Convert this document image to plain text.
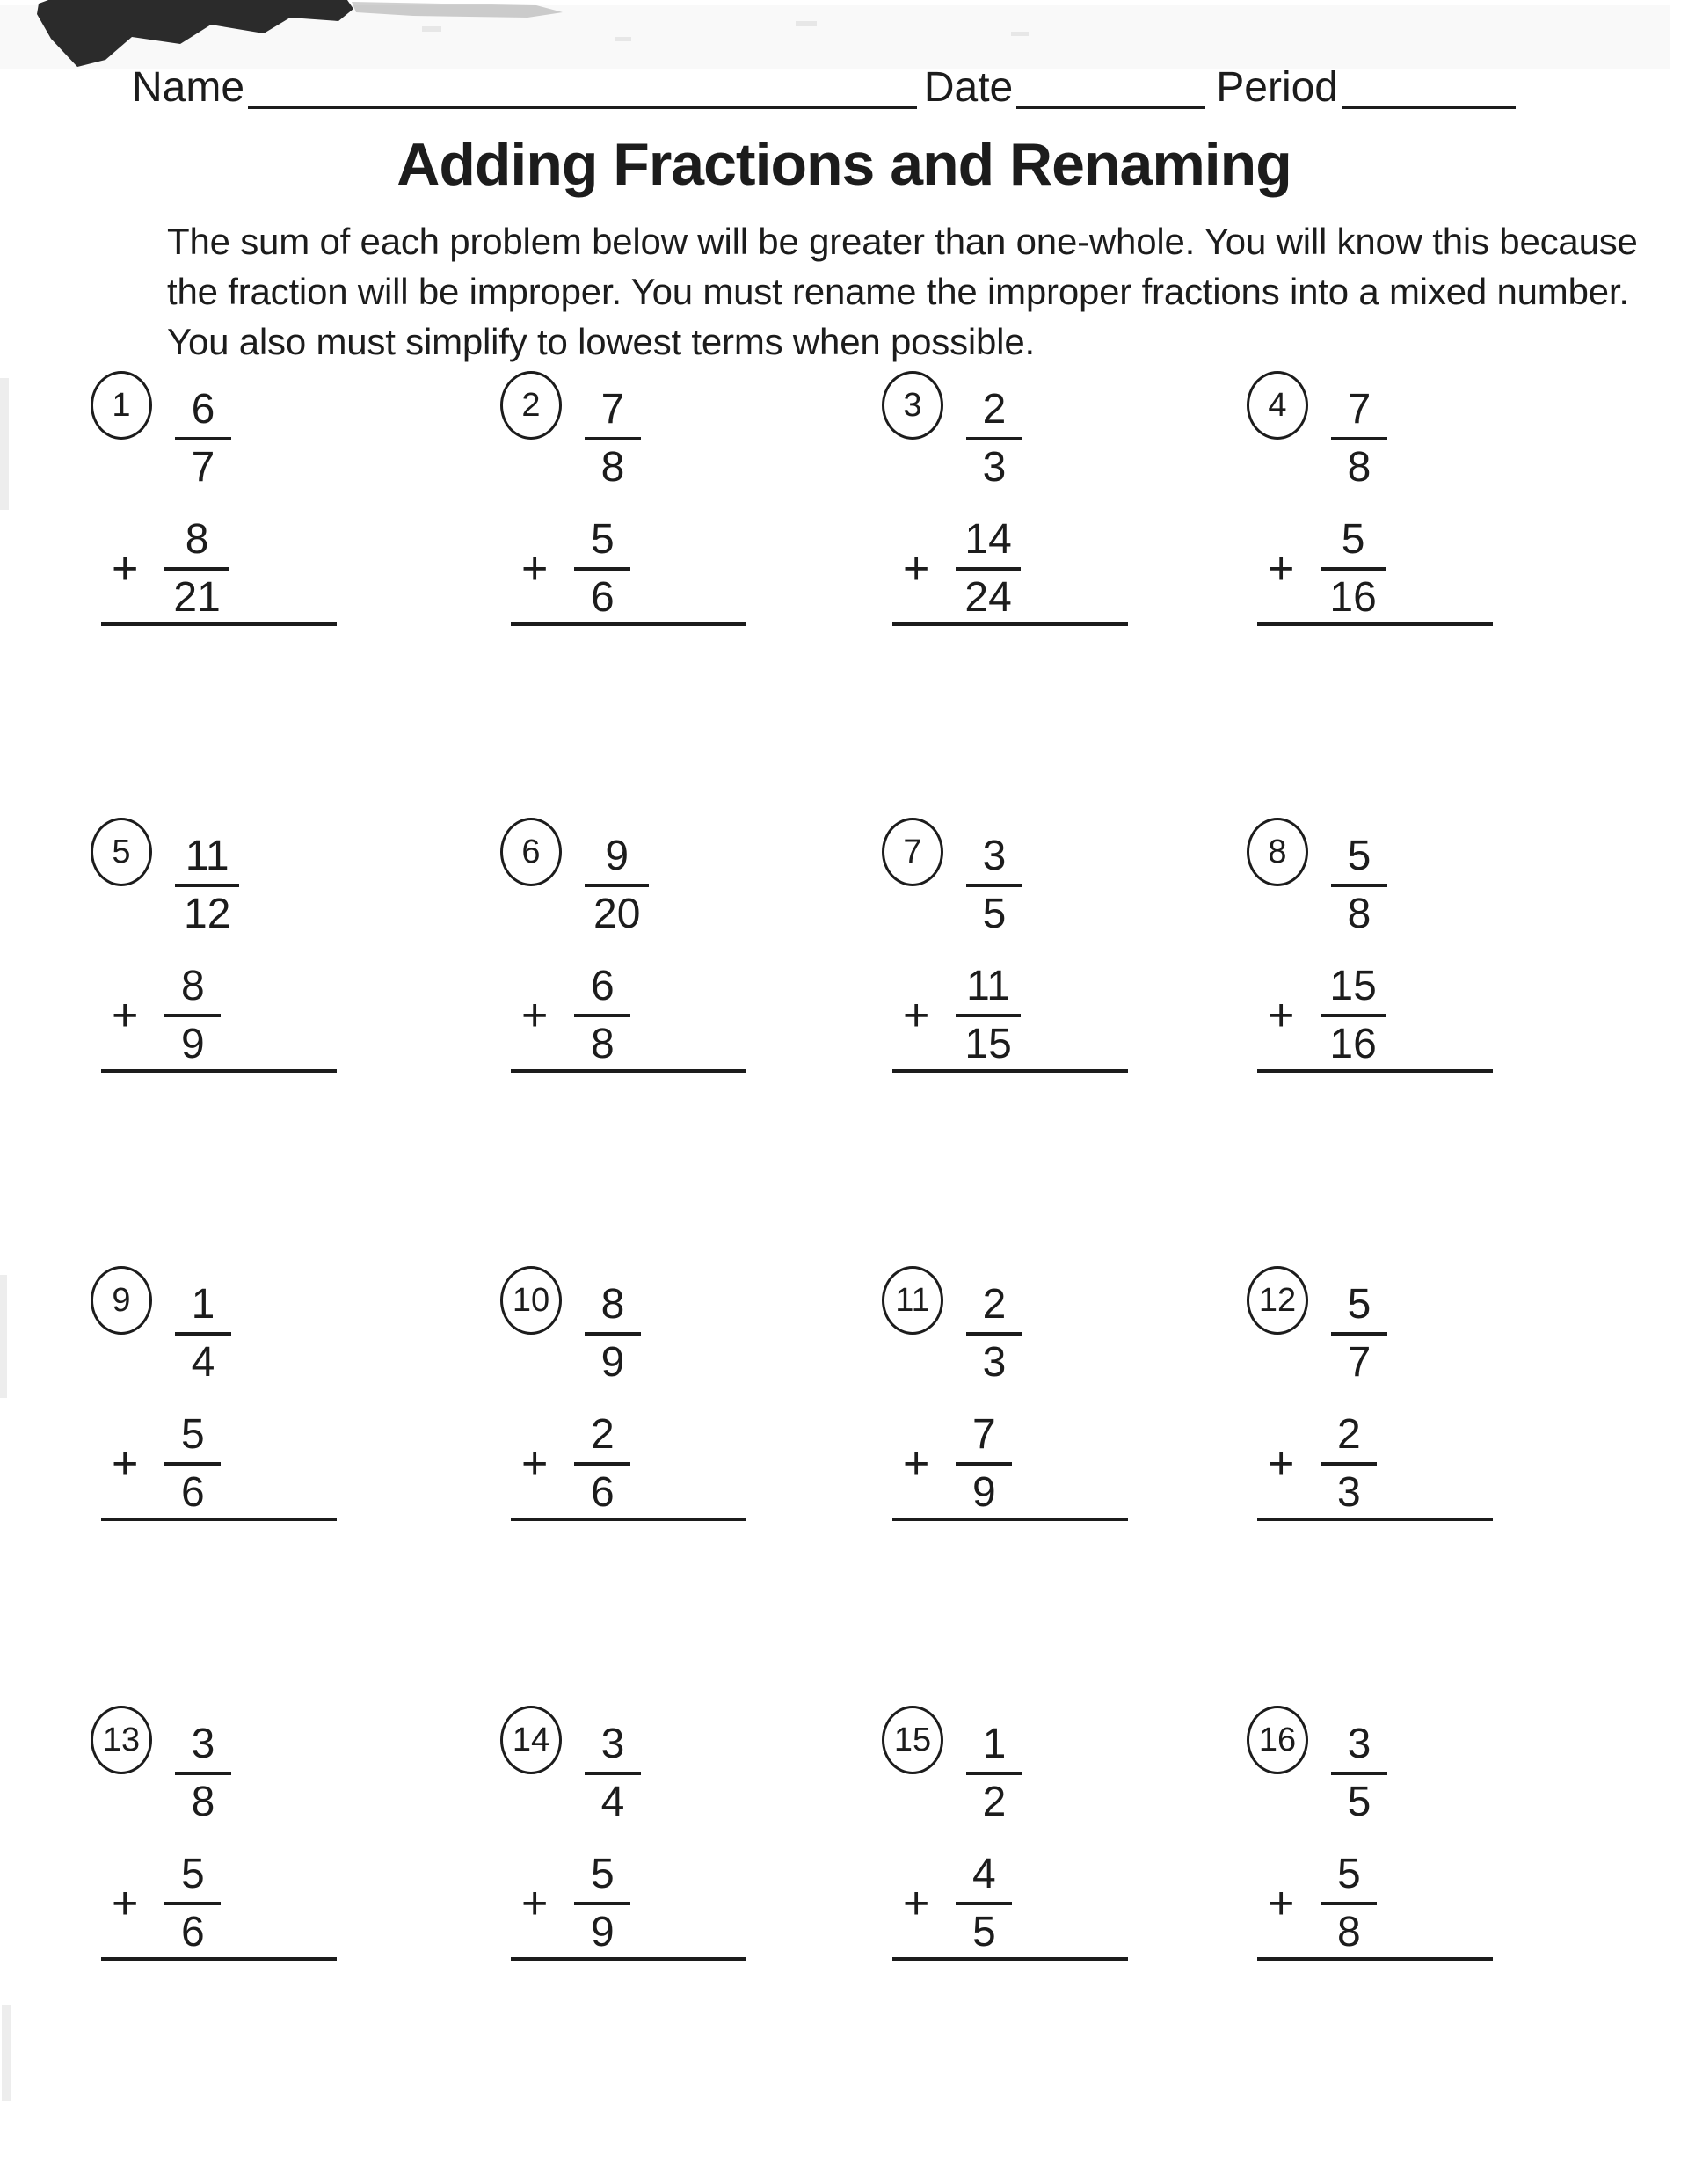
Name	Date	Period
Adding Fractions and Renaming
The sum of each problem below will be greater than one-whole. You will know this because
the fraction will be improper. You must rename the improper fractions into a mixed number.
You also must simplify to lowest terms when possible.
1 6
7
+ $\frac{8}{21}$
2 7
8
+ $\frac{5}{6}$
3 2
3
+ $\frac{14}{24}$
4 7
8
+ $\frac{5}{16}$
5 11
12
+ $\frac{8}{9}$
6 9
20
+ $\frac{6}{8}$
7 3
5
+ $\frac{11}{15}$
8 5
8
+ $\frac{15}{16}$
9 1
4
+ $\frac{5}{6}$
10 8
9
+ $\frac{2}{6}$
11 2
3
+ $\frac{7}{9}$
12 5
7
+ $\frac{2}{3}$
13 3
8
+ $\frac{5}{6}$
14 3
4
+ $\frac{5}{9}$
15 1
2
+ $\frac{4}{5}$
16 3
5
+ $\frac{5}{8}$
